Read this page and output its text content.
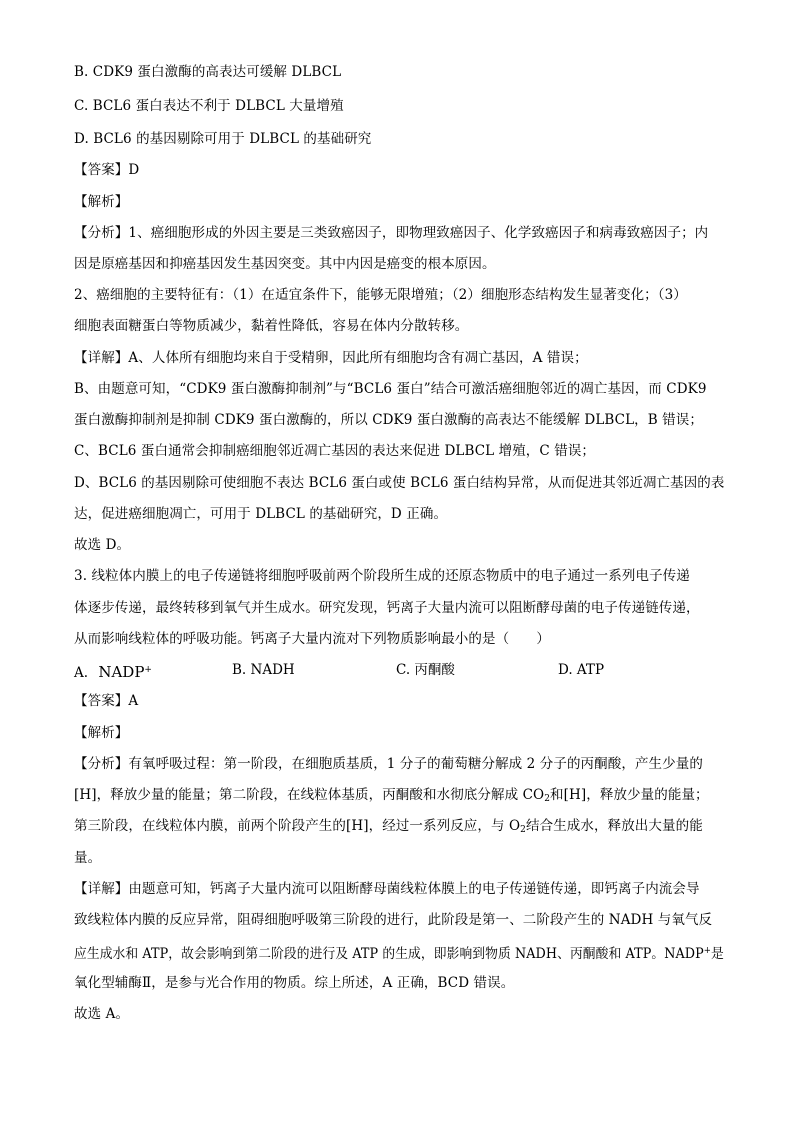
B. CDK9 蛋白激酶的高表达可缓解 DLBCL
C. BCL6 蛋白表达不利于 DLBCL 大量增殖
D. BCL6 的基因剔除可用于 DLBCL 的基础研究
【答案】D
【解析】
【分析】1、癌细胞形成的外因主要是三类致癌因子，即物理致癌因子、化学致癌因子和病毒致癌因子；内
因是原癌基因和抑癌基因发生基因突变。其中内因是癌变的根本原因。
2、癌细胞的主要特征有：（1）在适宜条件下，能够无限增殖；（2）细胞形态结构发生显著变化；（3）
细胞表面糖蛋白等物质减少，黏着性降低，容易在体内分散转移。
【详解】A、人体所有细胞均来自于受精卵，因此所有细胞均含有凋亡基因，A 错误；
B、由题意可知，“CDK9 蛋白激酶抑制剂”与“BCL6 蛋白”结合可激活癌细胞邻近的凋亡基因，而 CDK9
蛋白激酶抑制剂是抑制 CDK9 蛋白激酶的，所以 CDK9 蛋白激酶的高表达不能缓解 DLBCL，B 错误；
C、BCL6 蛋白通常会抑制癌细胞邻近凋亡基因的表达来促进 DLBCL 增殖，C 错误；
D、BCL6 的基因剔除可使细胞不表达 BCL6 蛋白或使 BCL6 蛋白结构异常，从而促进其邻近凋亡基因的表
达，促进癌细胞凋亡，可用于 DLBCL 的基础研究，D 正确。
故选 D。
3. 线粒体内膜上的电子传递链将细胞呼吸前两个阶段所生成的还原态物质中的电子通过一系列电子传递
体逐步传递，最终转移到氧气并生成水。研究发现，钙离子大量内流可以阻断酵母菌的电子传递链传递，
从而影响线粒体的呼吸功能。钙离子大量内流对下列物质影响最小的是（　　）
A. NADP+	B. NADH	C. 丙酮酸	D. ATP
【答案】A
【解析】
【分析】有氧呼吸过程：第一阶段，在细胞质基质，1 分子的葡萄糖分解成 2 分子的丙酮酸，产生少量的
[H]，释放少量的能量；第二阶段，在线粒体基质，丙酮酸和水彻底分解成 $CO_2$和[H]，释放少量的能量；
第三阶段，在线粒体内膜，前两个阶段产生的[H]，经过一系列反应，与 $O_2$结合生成水，释放出大量的能
量。
【详解】由题意可知，钙离子大量内流可以阻断酵母菌线粒体膜上的电子传递链传递，即钙离子内流会导
致线粒体内膜的反应异常，阻碍细胞呼吸第三阶段的进行，此阶段是第一、二阶段产生的 NADH 与氧气反
应生成水和 ATP，故会影响到第二阶段的进行及 ATP 的生成，即影响到物质 NADH、丙酮酸和 ATP。NADP+是
氧化型辅酶Ⅱ，是参与光合作用的物质。综上所述，A 正确，BCD 错误。
故选 A。
